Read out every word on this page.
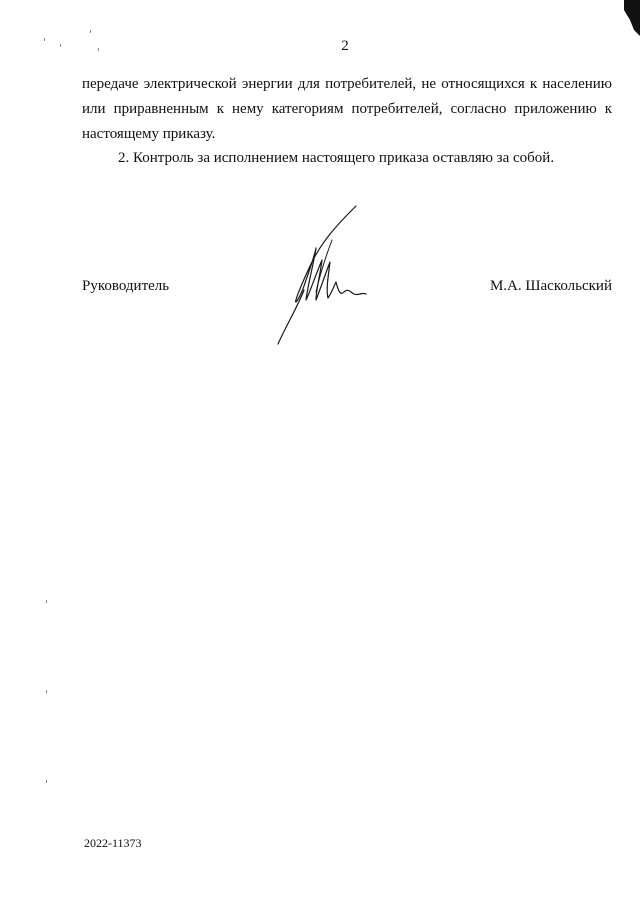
2

передаче электрической энергии для потребителей, не относящихся к населению или приравненным к нему категориям потребителей, согласно приложению к настоящему приказу.

2. Контроль за исполнением настоящего приказа оставляю за собой.

Руководитель	М.А. Шаскольский
2022-11373
